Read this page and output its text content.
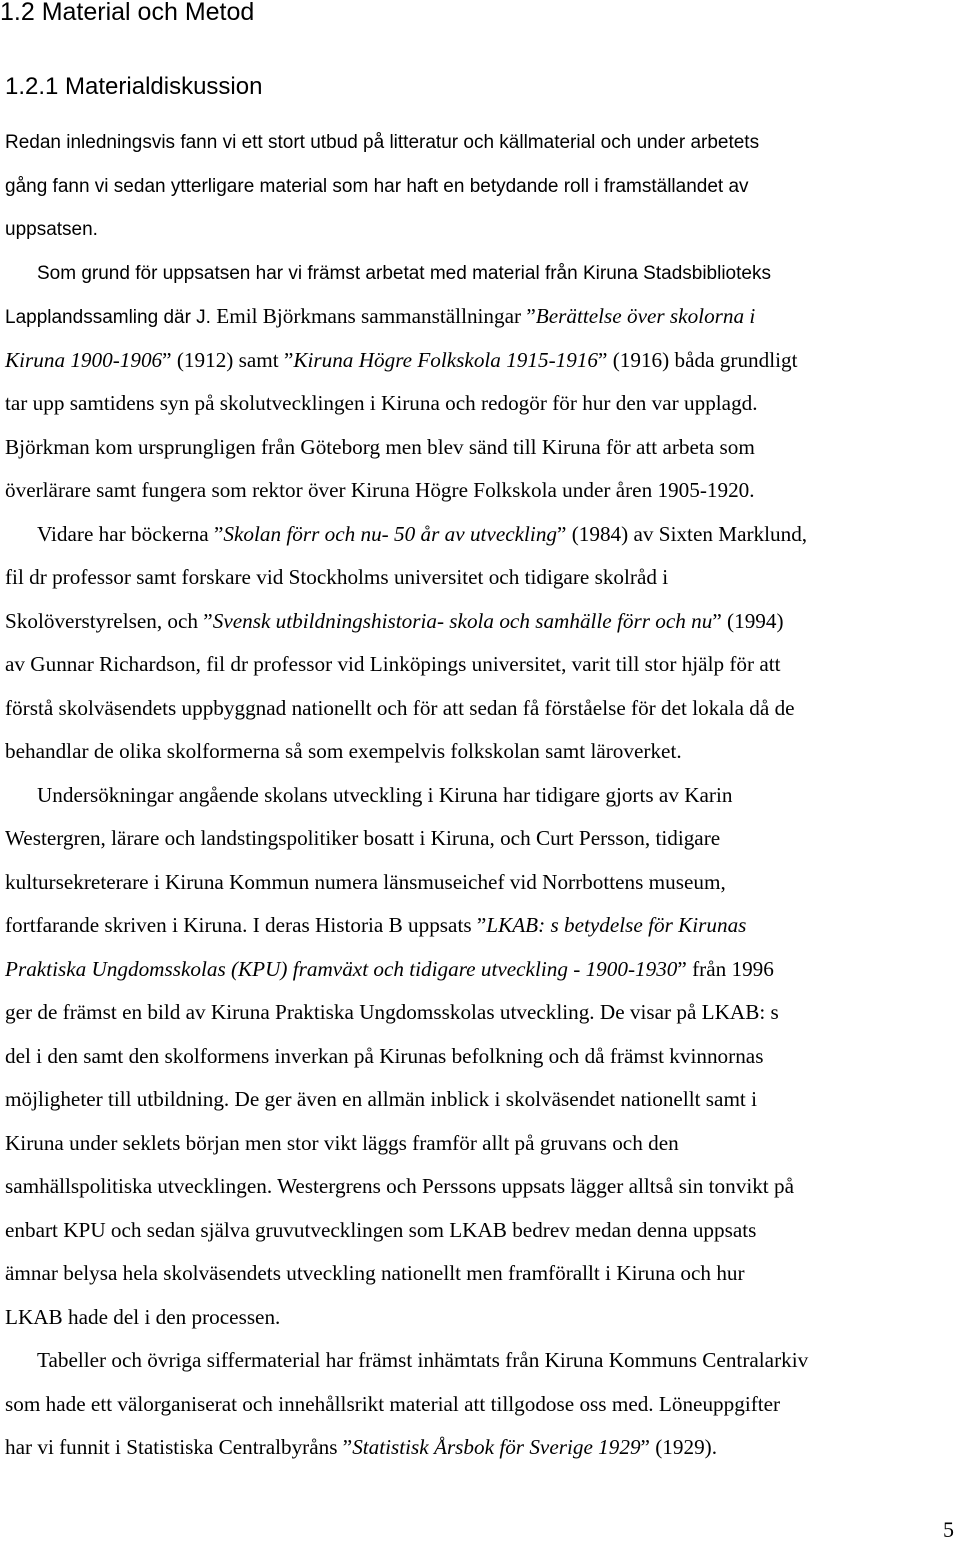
1.2 Material och Metod
1.2.1 Materialdiskussion
Redan inledningsvis fann vi ett stort utbud på litteratur och källmaterial och under arbetets
gång fann vi sedan ytterligare material som har haft en betydande roll i framställandet av
uppsatsen.
Som grund för uppsatsen har vi främst arbetat med material från Kiruna Stadsbiblioteks
Lapplandssamling där J. Emil Björkmans sammanställningar ”Berättelse över skolorna i
Kiruna 1900-1906” (1912) samt ”Kiruna Högre Folkskola 1915-1916” (1916) båda grundligt
tar upp samtidens syn på skolutvecklingen i Kiruna och redogör för hur den var upplagd.
Björkman kom ursprungligen från Göteborg men blev sänd till Kiruna för att arbeta som
överlärare samt fungera som rektor över Kiruna Högre Folkskola under åren 1905-1920.
Vidare har böckerna ”Skolan förr och nu- 50 år av utveckling” (1984) av Sixten Marklund,
fil dr professor samt forskare vid Stockholms universitet och tidigare skolråd i
Skolöverstyrelsen, och ”Svensk utbildningshistoria- skola och samhälle förr och nu” (1994)
av Gunnar Richardson, fil dr professor vid Linköpings universitet, varit till stor hjälp för att
förstå skolväsendets uppbyggnad nationellt och för att sedan få förståelse för det lokala då de
behandlar de olika skolformerna så som exempelvis folkskolan samt läroverket.
Undersökningar angående skolans utveckling i Kiruna har tidigare gjorts av Karin
Westergren, lärare och landstingspolitiker bosatt i Kiruna, och Curt Persson, tidigare
kultursekreterare i Kiruna Kommun numera länsmuseichef vid Norrbottens museum,
fortfarande skriven i Kiruna. I deras Historia B uppsats ”LKAB: s betydelse för Kirunas
Praktiska Ungdomsskolas (KPU) framväxt och tidigare utveckling - 1900-1930” från 1996
ger de främst en bild av Kiruna Praktiska Ungdomsskolas utveckling. De visar på LKAB: s
del i den samt den skolformens inverkan på Kirunas befolkning och då främst kvinnornas
möjligheter till utbildning. De ger även en allmän inblick i skolväsendet nationellt samt i
Kiruna under seklets början men stor vikt läggs framför allt på gruvans och den
samhällspolitiska utvecklingen. Westergrens och Perssons uppsats lägger alltså sin tonvikt på
enbart KPU och sedan själva gruvutvecklingen som LKAB bedrev medan denna uppsats
ämnar belysa hela skolväsendets utveckling nationellt men framförallt i Kiruna och hur
LKAB hade del i den processen.
Tabeller och övriga siffermaterial har främst inhämtats från Kiruna Kommuns Centralarkiv
som hade ett välorganiserat och innehållsrikt material att tillgodose oss med. Löneuppgifter
har vi funnit i Statistiska Centralbyråns ”Statistisk Årsbok för Sverige 1929” (1929).
5
